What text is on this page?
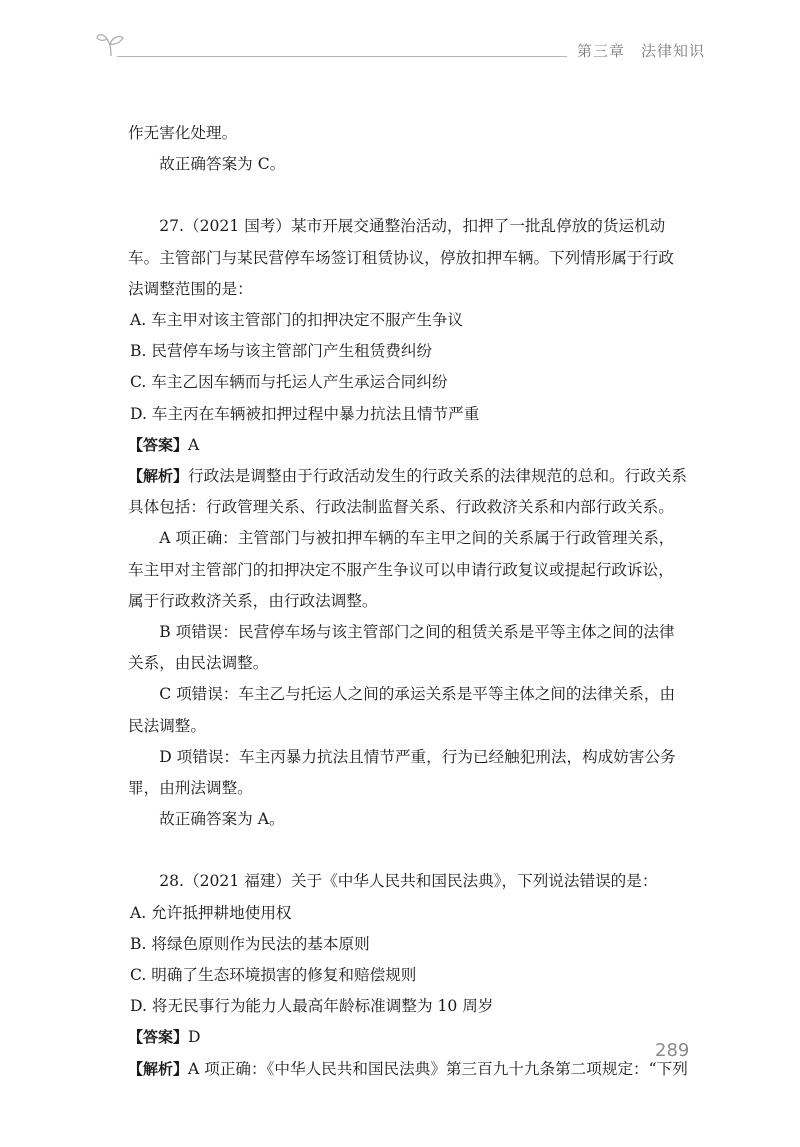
第三章　法律知识

作无害化处理。

故正确答案为 C。

27.（2021 国考）某市开展交通整治活动，扣押了一批乱停放的货运机动车。主管部门与某民营停车场签订租赁协议，停放扣押车辆。下列情形属于行政法调整范围的是：

A. 车主甲对该主管部门的扣押决定不服产生争议

B. 民营停车场与该主管部门产生租赁费纠纷

C. 车主乙因车辆而与托运人产生承运合同纠纷

D. 车主丙在车辆被扣押过程中暴力抗法且情节严重

【答案】A

【解析】行政法是调整由于行政活动发生的行政关系的法律规范的总和。行政关系具体包括：行政管理关系、行政法制监督关系、行政救济关系和内部行政关系。

A 项正确：主管部门与被扣押车辆的车主甲之间的关系属于行政管理关系，车主甲对主管部门的扣押决定不服产生争议可以申请行政复议或提起行政诉讼，属于行政救济关系，由行政法调整。

B 项错误：民营停车场与该主管部门之间的租赁关系是平等主体之间的法律关系，由民法调整。

C 项错误：车主乙与托运人之间的承运关系是平等主体之间的法律关系，由民法调整。

D 项错误：车主丙暴力抗法且情节严重，行为已经触犯刑法，构成妨害公务罪，由刑法调整。

故正确答案为 A。

28.（2021 福建）关于《中华人民共和国民法典》，下列说法错误的是：

A. 允许抵押耕地使用权

B. 将绿色原则作为民法的基本原则

C. 明确了生态环境损害的修复和赔偿规则

D. 将无民事行为能力人最高年龄标准调整为 10 周岁

【答案】D

【解析】A 项正确：《中华人民共和国民法典》第三百九十九条第二项规定：“下列

289
